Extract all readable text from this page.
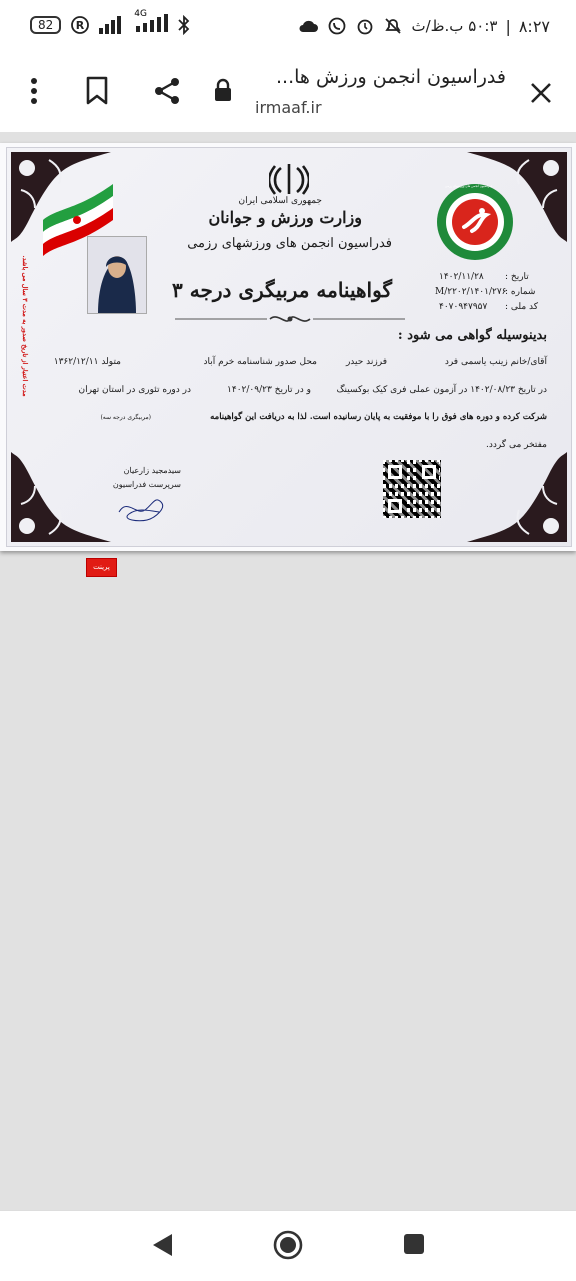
۸:۲۷
|
۵۰:۳ ب.ظ/ث
82	R
4G
فدراسیون انجمن ورزش ها...
irmaaf.ir
جمهوری اسلامی ایران
وزارت ورزش و جوانان
فدراسیون انجمن های ورزشهای رزمی
گواهینامه مربیگری درجه ۳
فدراسیون انجمن های ورزشهای رزمی
تاریخ :
۱۴۰۲/۱۱/۲۸
شماره :
۱۴۰۱/۲۷۶/M/۲۲۰۲
کد ملی :
۴۰۷۰۹۴۷۹۵۷
بدینوسیله گواهی می شود :
آقای/خانم زینب یاسمی فرد
فرزند حیدر
محل صدور شناسنامه خرم آباد
متولد ۱۳۶۲/۱۲/۱۱
در تاریخ ۱۴۰۲/۰۸/۲۳ در آزمون عملی فری کیک بوکسینگ
و در تاریخ ۱۴۰۲/۰۹/۲۳
در دوره تئوری در استان تهران
شرکت کرده و دوره های فوق را با موفقیت به پایان رسانیده است. لذا به دریافت این گواهینامه
(مربیگری درجه سه)
مفتخر می گردد.
سیدمجید زارعیان
سرپرست فدراسیون
مدت اعتبار از تاریخ صدور به مدت ۳ سال می باشد.
پرینت
